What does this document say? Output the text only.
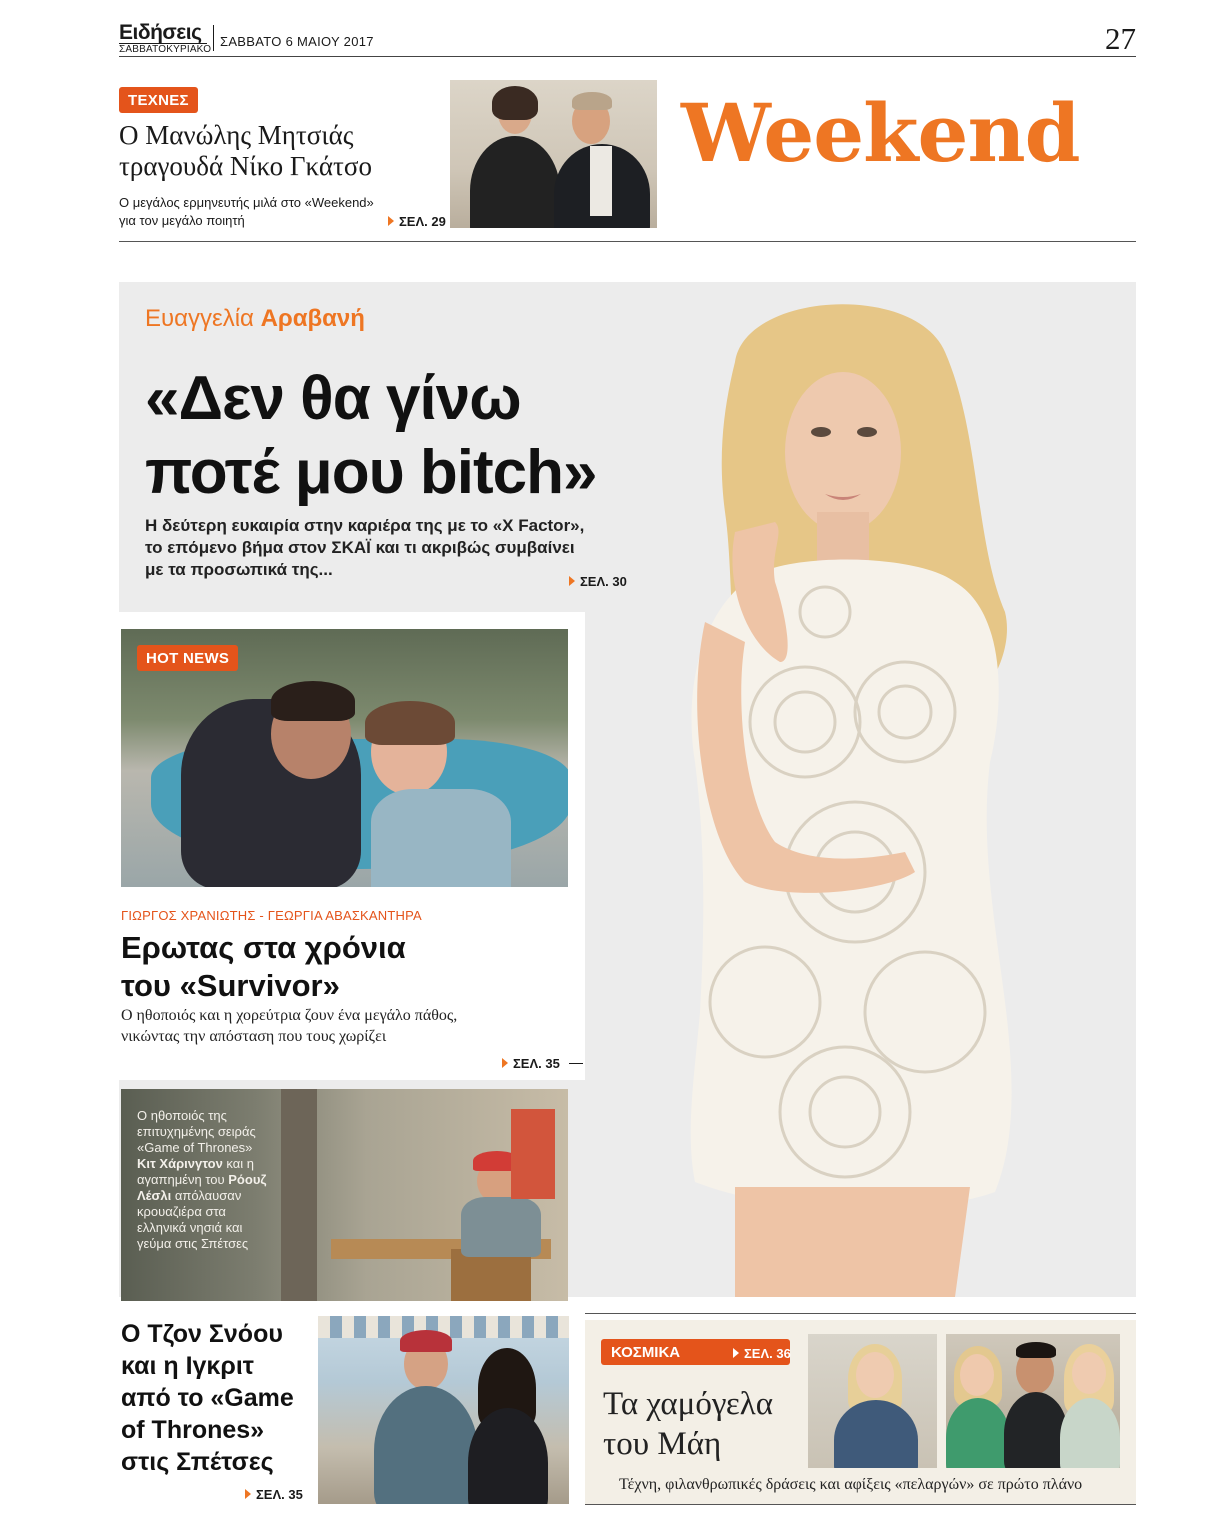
Ειδήσεις
ΣΑΒΒΑΤΟΚΥΡΙΑΚΟ
ΣΑΒΒΑΤΟ 6 ΜΑΙΟΥ 2017	27
ΤΕΧΝΕΣ
Ο Μανώλης Μητσιάς
τραγουδά Νίκο Γκάτσο
Ο μεγάλος ερμηνευτής μιλά στο «Weekend»
για τον μεγάλο ποιητή	ΣΕΛ. 29
Weekend
Ευαγγελία Αραβανή
«Δεν θα γίνω
ποτέ μου bitch»
Η δεύτερη ευκαιρία στην καριέρα της με το «X Factor»,
το επόμενο βήμα στον ΣΚΑΪ και τι ακριβώς συμβαίνει
με τα προσωπικά της...
ΣΕΛ. 30
HOT NEWS
ΓΙΩΡΓΟΣ ΧΡΑΝΙΩΤΗΣ - ΓΕΩΡΓΙΑ ΑΒΑΣΚΑΝΤΗΡΑ
Ερωτας στα χρόνια
του «Survivor»
Ο ηθοποιός και η χορεύτρια ζουν ένα μεγάλο πάθος,
νικώντας την απόσταση που τους χωρίζει
ΣΕΛ. 35
Ο ηθοποιός της
επιτυχημένης σειράς
«Game of Thrones»
Κιτ Χάρινγτον και η
αγαπημένη του Ρόουζ
Λέσλι απόλαυσαν
κρουαζιέρα στα
ελληνικά νησιά και
γεύμα στις Σπέτσες
Ο Τζον Σνόου
και η Ιγκριτ
από το «Game
of Thrones»
στις Σπέτσες
ΣΕΛ. 35
ΚΟΣΜΙΚΑ	ΣΕΛ. 36
Τα χαμόγελα
του Μάη
Τέχνη, φιλανθρωπικές δράσεις και αφίξεις «πελαργών» σε πρώτο πλάνο
